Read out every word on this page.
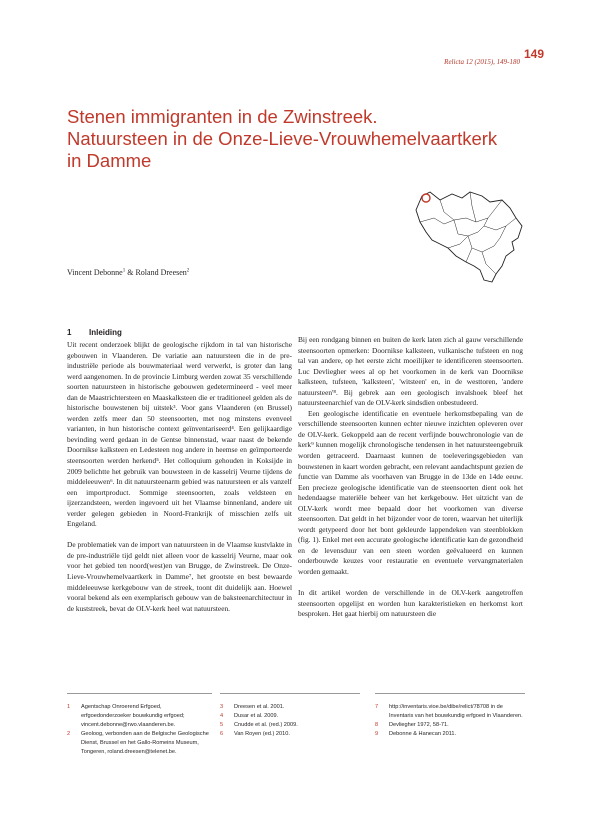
Relicta 12 (2015), 149-180
149
Stenen immigranten in de Zwinstreek.
Natuursteen in de Onze-Lieve-Vrouwhemelvaartkerk
in Damme
Vincent Debonne$^1$ & Roland Dreesen$^2$
1 Inleiding

Uit recent onderzoek blijkt de geologische rijkdom in tal van historische gebouwen in Vlaanderen. De variatie aan natuursteen die in de pre-industriële periode als bouwmateriaal werd verwerkt, is groter dan lang werd aangenomen. In de provincie Limburg werden zowat 35 verschillende soorten natuursteen in historische gebouwen gedetermineerd - veel meer dan de Maastrichtersteen en Maaskalksteen die er traditioneel gelden als de historische bouwstenen bij uitstek³. Voor gans Vlaanderen (en Brussel) werden zelfs meer dan 50 steensoorten, met nog minstens evenveel varianten, in hun historische context geïnventariseerd⁴. Een gelijkaardige bevinding werd gedaan in de Gentse binnenstad, waar naast de bekende Doornikse kalksteen en Ledesteen nog andere in heemse en geïmporteerde steensoorten werden herkend⁵. Het colloquium gehouden in Koksijde in 2009 belichtte het gebruik van bouwsteen in de kasselrij Veurne tijdens de middeleeuwen⁶. In dit natuursteenarm gebied was natuursteen er als vanzelf een importproduct. Sommige steensoorten, zoals veldsteen en ijzerzandsteen, werden ingevoerd uit het Vlaamse binnenland, andere uit verder gelegen gebieden in Noord-Frankrijk of misschien zelfs uit Engeland.

De problematiek van de import van natuursteen in de Vlaamse kustvlakte in de pre-industriële tijd geldt niet alleen voor de kasselrij Veurne, maar ook voor het gebied ten noord(west)en van Brugge, de Zwinstreek. De Onze-Lieve-Vrouwhemelvaartkerk in Damme⁷, het grootste en best bewaarde middeleeuwse kerkgebouw van de streek, toont dit duidelijk aan. Hoewel vooral bekend als een exemplarisch gebouw van de baksteenarchitectuur in de kuststreek, bevat de OLV-kerk heel wat natuursteen.

Bij een rondgang binnen en buiten de kerk laten zich al gauw verschillende steensoorten opmerken: Doornikse kalksteen, vulkanische tufsteen en nog tal van andere, op het eerste zicht moeilijker te identificeren steensoorten. Luc Devliegher wees al op het voorkomen in de kerk van Doornikse kalksteen, tufsteen, 'kalksteen', 'witsteen' en, in de westtoren, 'andere natuursteen'⁸. Bij gebrek aan een geologisch invalshoek bleef het natuursteenarchief van de OLV-kerk sindsdien onbestudeerd.

Een geologische identificatie en eventuele herkomstbepaling van de verschillende steensoorten kunnen echter nieuwe inzichten opleveren over de OLV-kerk. Gekoppeld aan de recent verfijnde bouwchronologie van de kerk⁹ kunnen mogelijk chronologische tendensen in het natuursteengebruik worden getraceerd. Daarnaast kunnen de toeleveringsgebieden van bouwstenen in kaart worden gebracht, een relevant aandachtspunt gezien de functie van Damme als voorhaven van Brugge in de 13de en 14de eeuw. Een precieze geologische identificatie van de steensoorten dient ook het hedendaagse materiële beheer van het kerkgebouw. Het uitzicht van de OLV-kerk wordt mee bepaald door het voorkomen van diverse steensoorten. Dat geldt in het bijzonder voor de toren, waarvan het uiterlijk wordt getypeerd door het bont gekleurde lappendeken van steenblokken (fig. 1). Enkel met een accurate geologische identificatie kan de gezondheid en de levensduur van een steen worden geëvalueerd en kunnen onderbouwde keuzes voor restauratie en eventuele vervangmaterialen worden gemaakt.

In dit artikel worden de verschillende in de OLV-kerk aangetroffen steensoorten opgelijst en worden hun karakteristieken en herkomst kort besproken. Het gaat hierbij om natuursteen die

1 Agentschap Onroerend Erfgoed, erfgoedonderzoeker bouwkundig erfgoed; vincent.debonne@rwo.vlaanderen.be.
2 Geoloog, verbonden aan de Belgische Geologische Dienst, Brussel en het Gallo-Romeins Museum, Tongeren, roland.dreesen@telenet.be.
3 Dreesen et al. 2001.
4 Dusar et al. 2009.
5 Cnudde et al. (red.) 2009.
6 Van Royen (ed.) 2010.
7 http://inventaris.vioe.be/dibe/relict/78708 in de Inventaris van het bouwkundig erfgoed in Vlaanderen.
8 Devliegher 1972, 58-71.
9 Debonne & Hanecan 2011.
